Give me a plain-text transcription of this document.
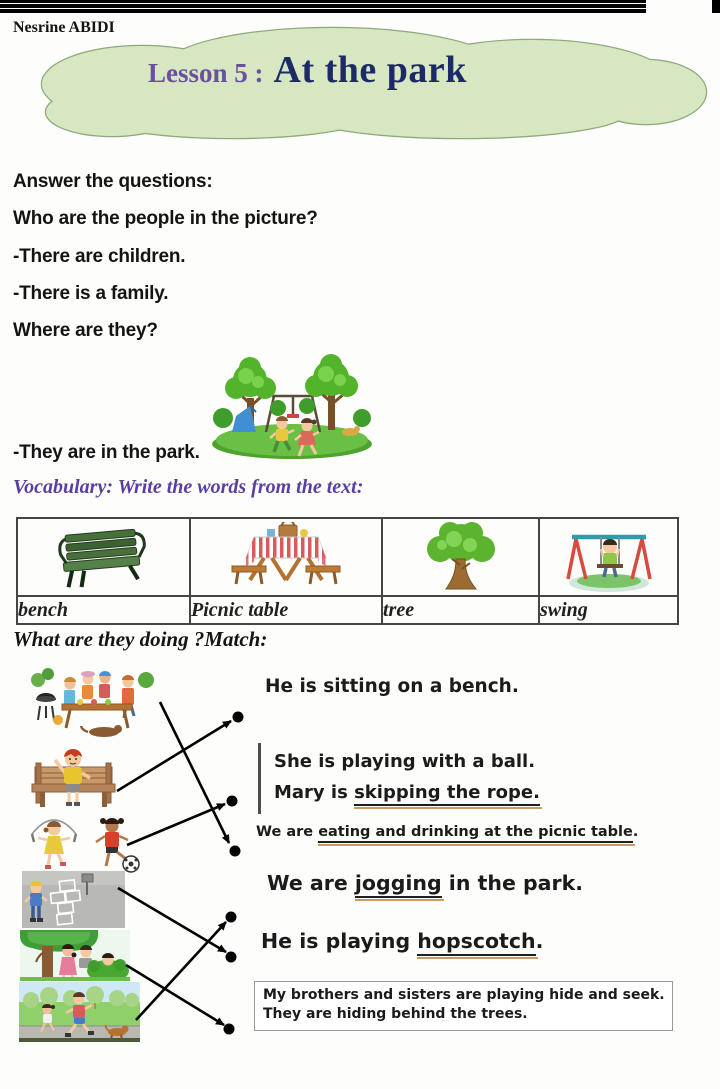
Nesrine ABIDI
Lesson 5 : At the park
Answer the questions:
Who are the people in the picture?
-There are children.
-There is a family.
Where are they?
-They are in the park.
Vocabulary: Write the words from the text:

bench	Picnic table	tree	swing
What are they doing ?Match:
He is sitting on a bench.
She is playing with a ball.
Mary is skipping the rope.
We are eating and drinking at the picnic table.
We are jogging in the park.
He is playing hopscotch.
My brothers and sisters are playing hide and seek.
They are hiding behind the trees.
